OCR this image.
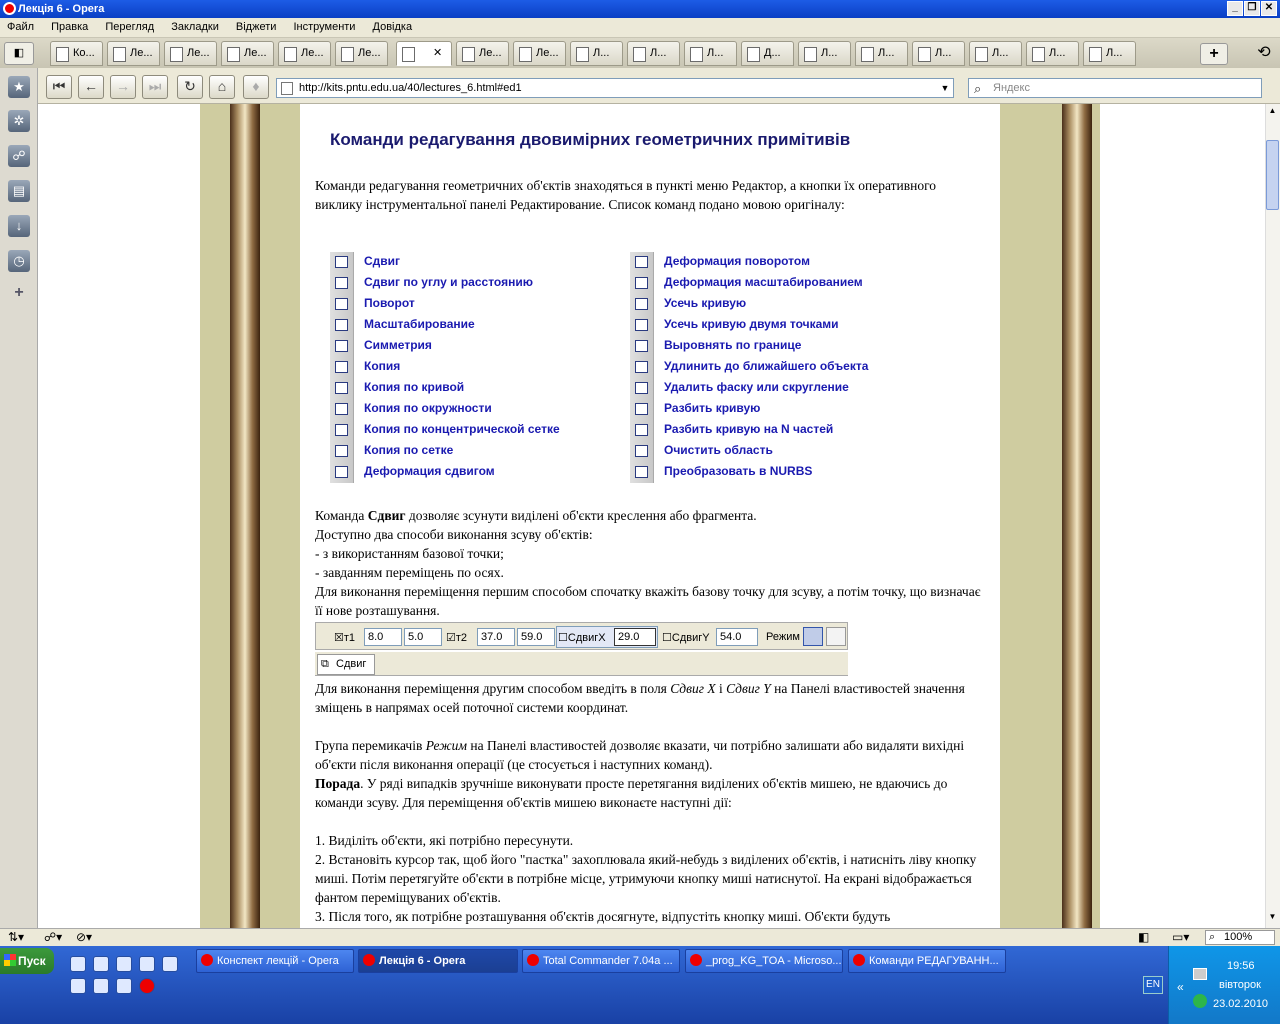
Лекція 6 - Opera	_ ❐ ✕
Файл Правка Перегляд Закладки Віджети Інструменти Довідка
◧	Ко...	Ле...	Ле...	Ле...	Ле...	Ле...	✕	Ле...	Ле...	Л...	Л...	Л...	Д...	Л...	Л...	Л...	Л...	Л...	Л...	+	⟲
⏮	←	→	⏭	↻	⌂	♦	http://kits.pntu.edu.ua/40/lectures_6.html#ed1	▼ ⌕ Яндекс
★
✲
☍
▤
↓
◷
+
Команди редагування двовимірних геометричних примітивів

Команди редагування геометричних об'єктів знаходяться в пункті меню Редактор, а кнопки їх оперативного виклику інструментальної панелі Редактирование. Список команд подано мовою оригіналу:

Сдвиг
Сдвиг по углу и расстоянию
Поворот
Масштабирование
Симметрия
Копия
Копия по кривой
Копия по окружности
Копия по концентрической сетке
Копия по сетке
Деформация сдвигом
Деформация поворотом
Деформация масштабированием
Усечь кривую
Усечь кривую двумя точками
Выровнять по границе
Удлинить до ближайшего объекта
Удалить фаску или скругление
Разбить кривую
Разбить кривую на N частей
Очистить область
Преобразовать в NURBS
Команда Сдвиг дозволяє зсунути виділені об'єкти креслення або фрагмента.
Доступно два способи виконання зсуву об'єктів:
- з використанням базової точки;
- завданням переміщень по осях.
Для виконання переміщення першим способом спочатку вкажіть базову точку для зсуву, а потім точку, що визначає її нове розташування.
☒т1	8.0	5.0	☑т2	37.0	59.0	☐СдвигX	29.0	☐СдвигY 54.0	Режим
Сдвиг
⧉
Для виконання переміщення другим способом введіть в поля Сдвиг X і Сдвиг Y на Панелі властивостей значення зміщень в напрямах осей поточної системи координат.
Група перемикачів Режим на Панелі властивостей дозволяє вказати, чи потрібно залишати або видаляти вихідні об'єкти після виконання операції (це стосується і наступних команд).
Порада. У ряді випадків зручніше виконувати просте перетягання виділених об'єктів мишею, не вдаючись до команди зсуву. Для переміщення об'єктів мишею виконаєте наступні дії:
1. Виділіть об'єкти, які потрібно пересунути.
2. Встановіть курсор так, щоб його "пастка" захоплювала який-небудь з виділених об'єктів, і натисніть ліву кнопку миші. Потім перетягуйте об'єкти в потрібне місце, утримуючи кнопку миші натиснутої. На екрані відображається фантом переміщуваних об'єктів.
3. Після того, як потрібне розташування об'єктів досягнуте, відпустіть кнопку миші. Об'єкти будуть
▲
▼
⇅▾ ☍▾ ⊘▾	◧ ▭▾ ⌕ 100%
Пуск	Конспект лекцій - Opera	Лекція 6 - Opera	Total Commander 7.04a ...	_prog_KG_TOA - Microso...	Команди РЕДАГУВАНН...
EN «
19:56
вівторок
23.02.2010
